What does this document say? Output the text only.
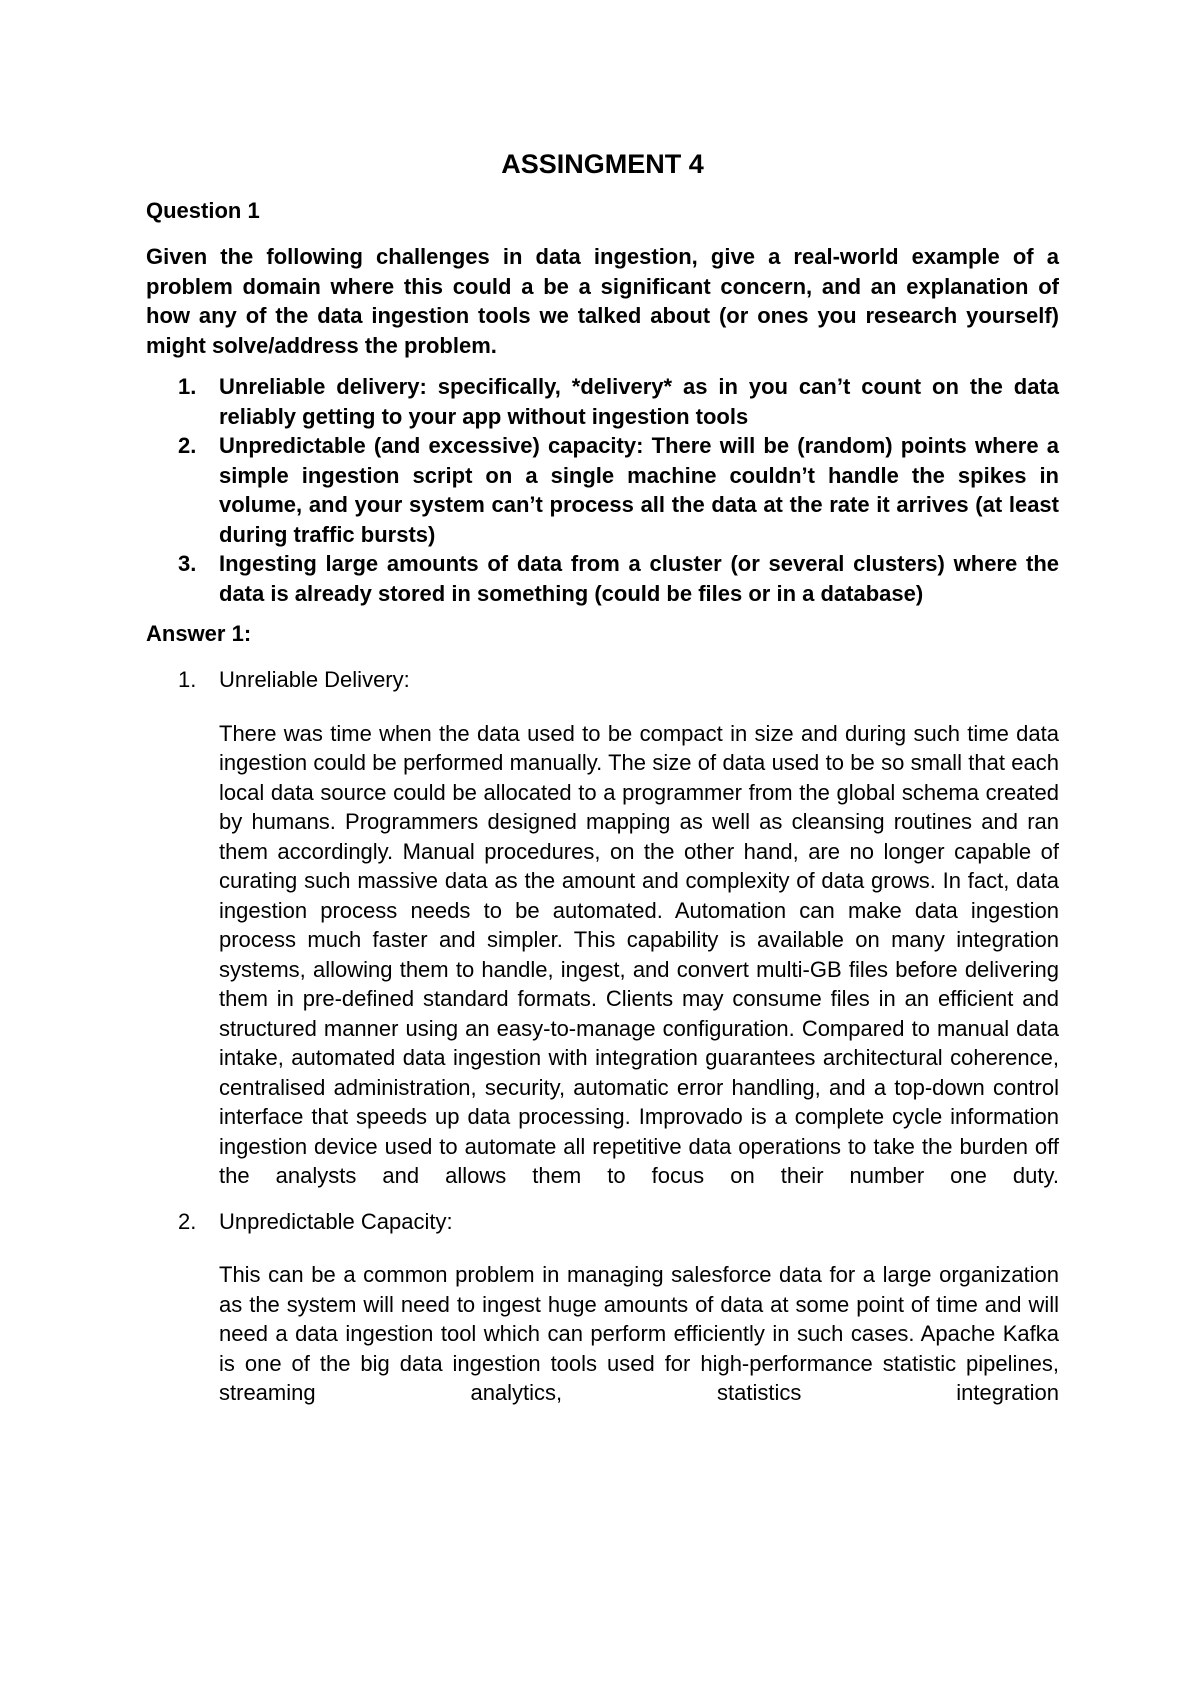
ASSINGMENT 4
Question 1

Given the following challenges in data ingestion, give a real-world example of a problem domain where this could a be a significant concern, and an explanation of how any of the data ingestion tools we talked about (or ones you research yourself) might solve/address the problem.

1. Unreliable delivery: specifically, *delivery* as in you can’t count on the data reliably getting to your app without ingestion tools
2. Unpredictable (and excessive) capacity: There will be (random) points where a simple ingestion script on a single machine couldn’t handle the spikes in volume, and your system can’t process all the data at the rate it arrives (at least during traffic bursts)
3. Ingesting large amounts of data from a cluster (or several clusters) where the data is already stored in something (could be files or in a database)
Answer 1:
1. Unreliable Delivery:

There was time when the data used to be compact in size and during such time data ingestion could be performed manually. The size of data used to be so small that each local data source could be allocated to a programmer from the global schema created by humans. Programmers designed mapping as well as cleansing routines and ran them accordingly. Manual procedures, on the other hand, are no longer capable of curating such massive data as the amount and complexity of data grows. In fact, data ingestion process needs to be automated. Automation can make data ingestion process much faster and simpler. This capability is available on many integration systems, allowing them to handle, ingest, and convert multi-GB files before delivering them in pre-defined standard formats. Clients may consume files in an efficient and structured manner using an easy-to-manage configuration. Compared to manual data intake, automated data ingestion with integration guarantees architectural coherence, centralised administration, security, automatic error handling, and a top-down control interface that speeds up data processing. Improvado is a complete cycle information ingestion device used to automate all repetitive data operations to take the burden off the analysts and allows them to focus on their number one duty.

2. Unpredictable Capacity:

This can be a common problem in managing salesforce data for a large organization as the system will need to ingest huge amounts of data at some point of time and will need a data ingestion tool which can perform efficiently in such cases. Apache Kafka is one of the big data ingestion tools used for high-performance statistic pipelines, streaming analytics, statistics integration
